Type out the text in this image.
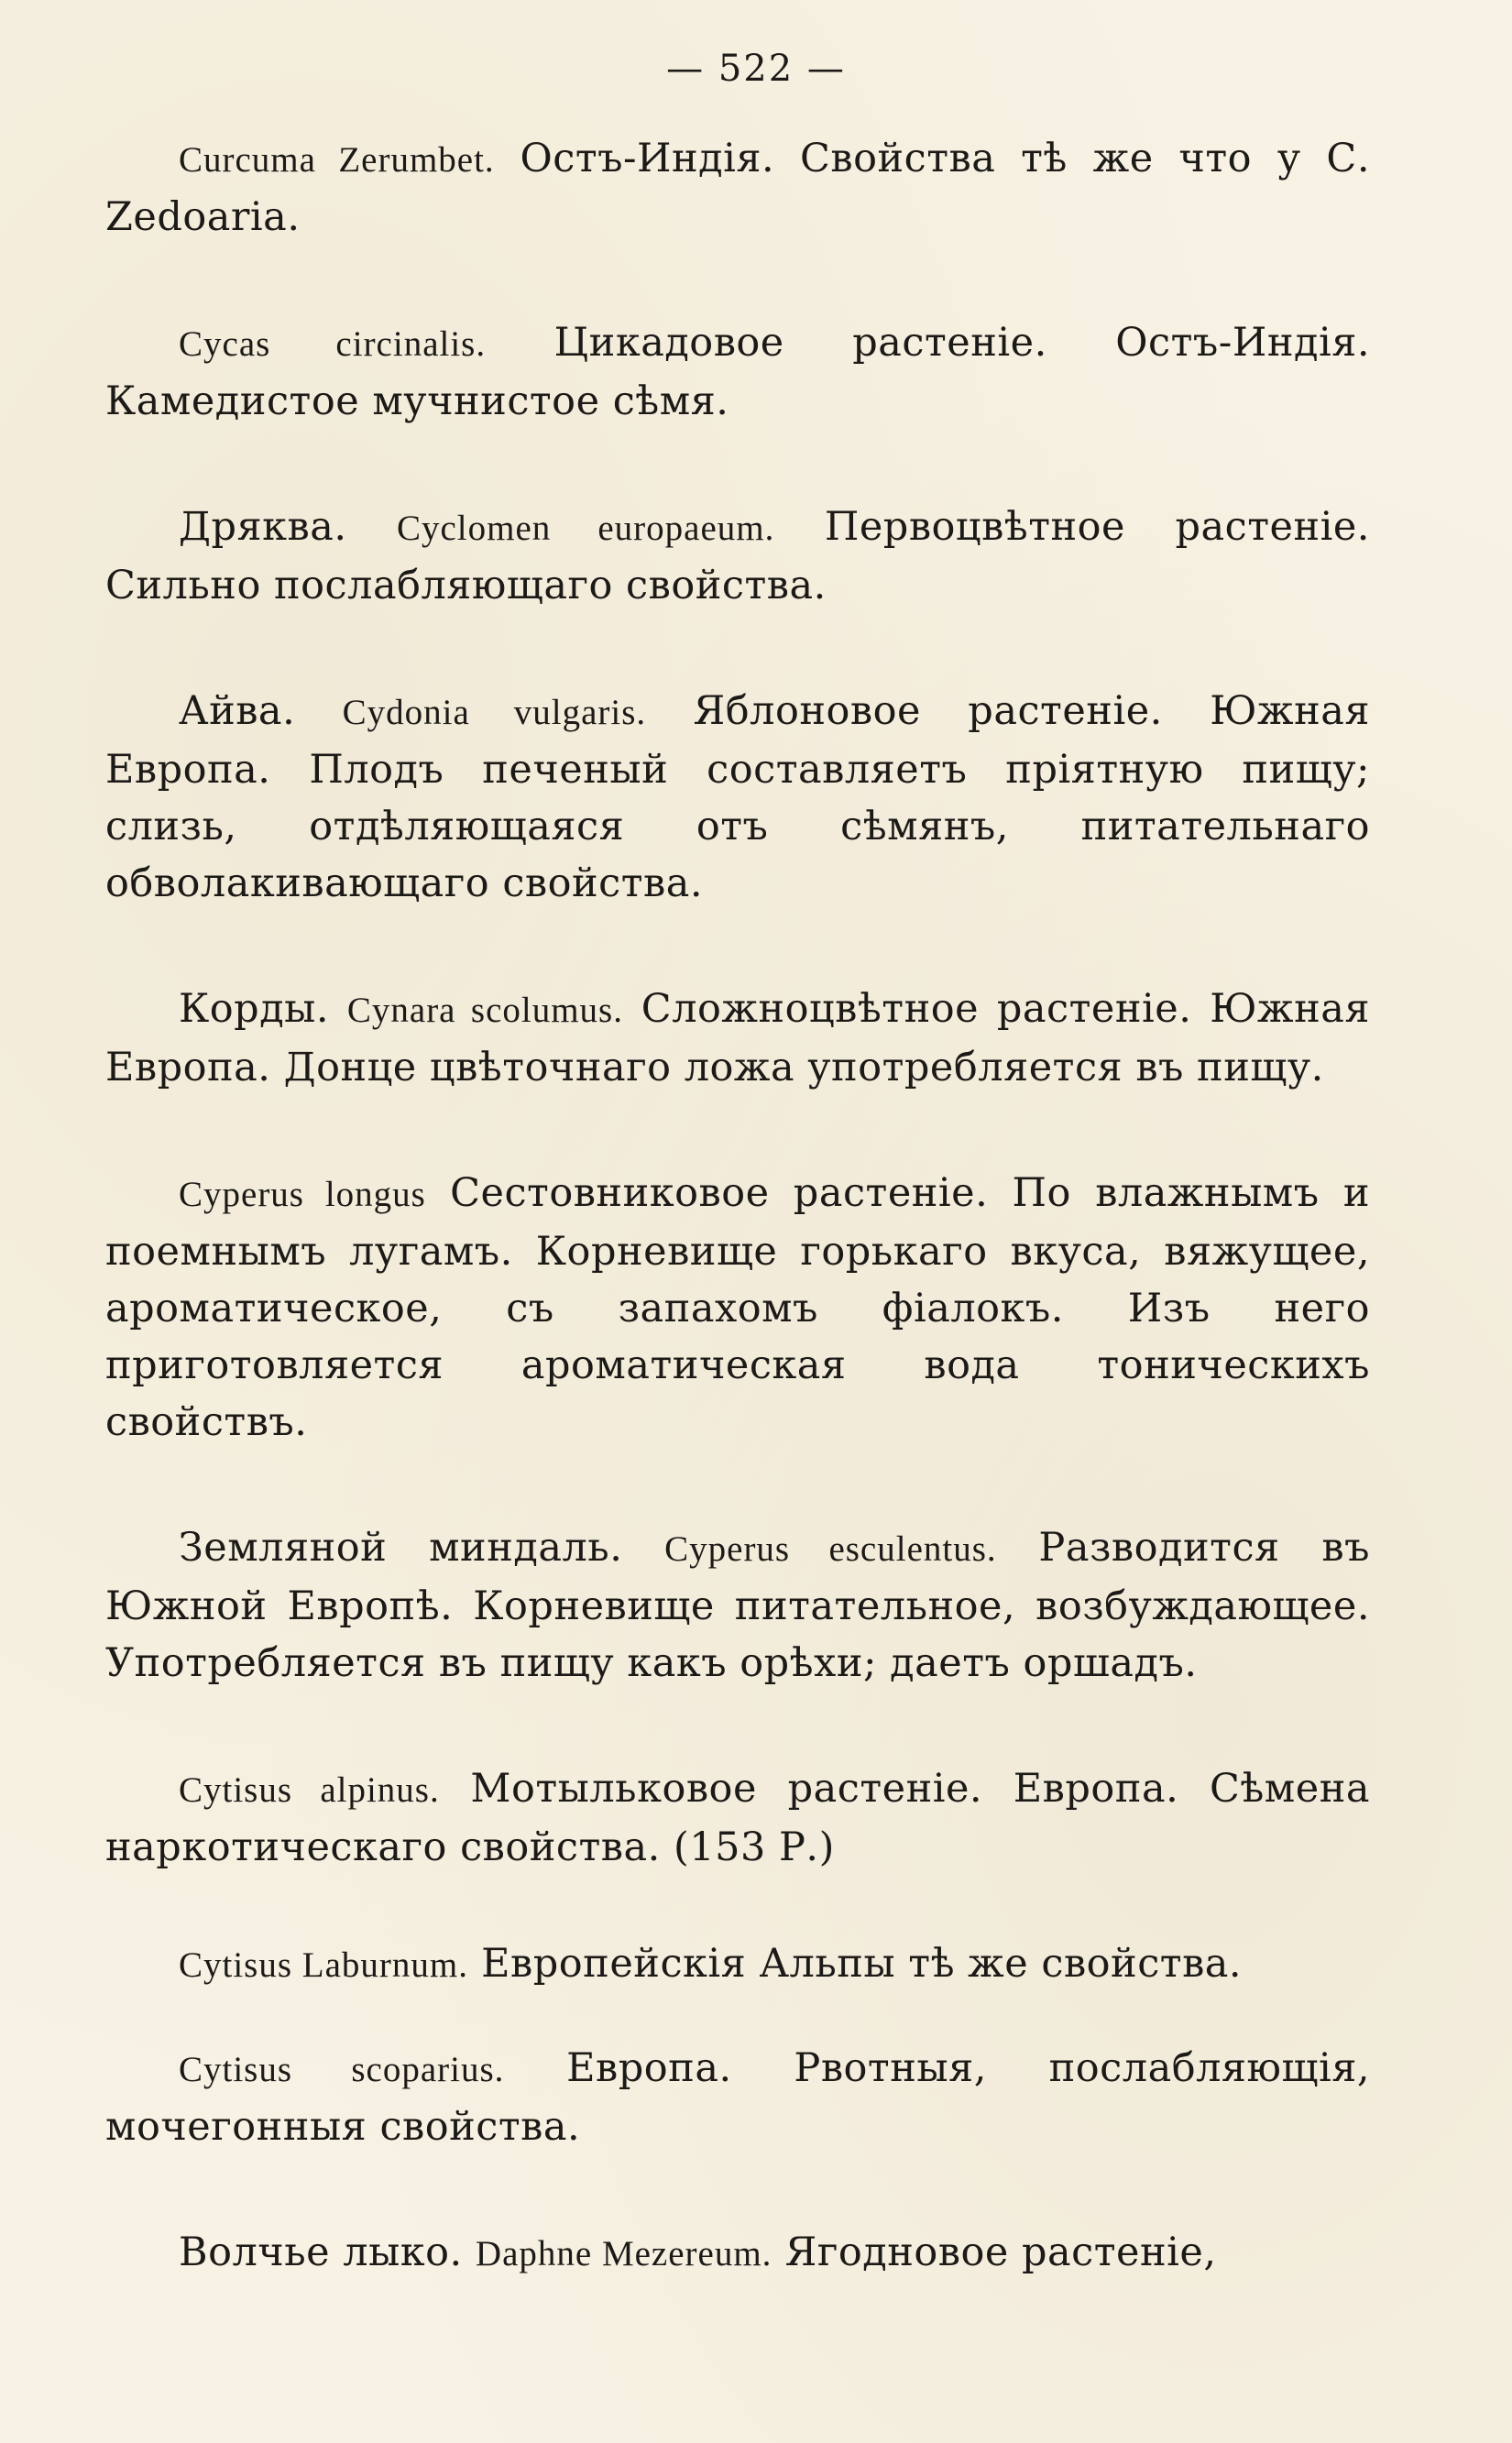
— 522 —

Curcuma Zerumbet. Остъ-Индія. Свойства тѣ же что у С. Zedoaria.

Cycas circinalis. Цикадовое растеніе. Остъ-Индія. Камедистое мучнистое сѣмя.

Дряква. Cyclomen europaeum. Первоцвѣтное растеніе. Сильно послабляющаго свойства.

Айва. Cydonia vulgaris. Яблоновое растеніе. Южная Европа. Плодъ печеный составляетъ пріятную пищу; слизь, отдѣляющаяся отъ сѣмянъ, питательнаго обволакивающаго свойства.

Корды. Cynara scolumus. Сложноцвѣтное растеніе. Южная Европа. Донце цвѣточнаго ложа употребляется въ пищу.

Cyperus longus Сестовниковое растеніе. По влажнымъ и поемнымъ лугамъ. Корневище горькаго вкуса, вяжущее, ароматическое, съ запахомъ фіалокъ. Изъ него приготовляется ароматическая вода тоническихъ свойствъ.

Земляной миндаль. Cyperus esculentus. Разводится въ Южной Европѣ. Корневище питательное, возбуждающее. Употребляется въ пищу какъ орѣхи; даетъ оршадъ.

Cytisus alpinus. Мотыльковое растеніе. Европа. Сѣмена наркотическаго свойства. (153 Р.)

Cytisus Laburnum. Европейскія Альпы тѣ же свойства.

Cytisus scoparius. Европа. Рвотныя, послабляющія, мочегонныя свойства.

Волчье лыко. Daphne Mezereum. Ягодновое растеніе,
